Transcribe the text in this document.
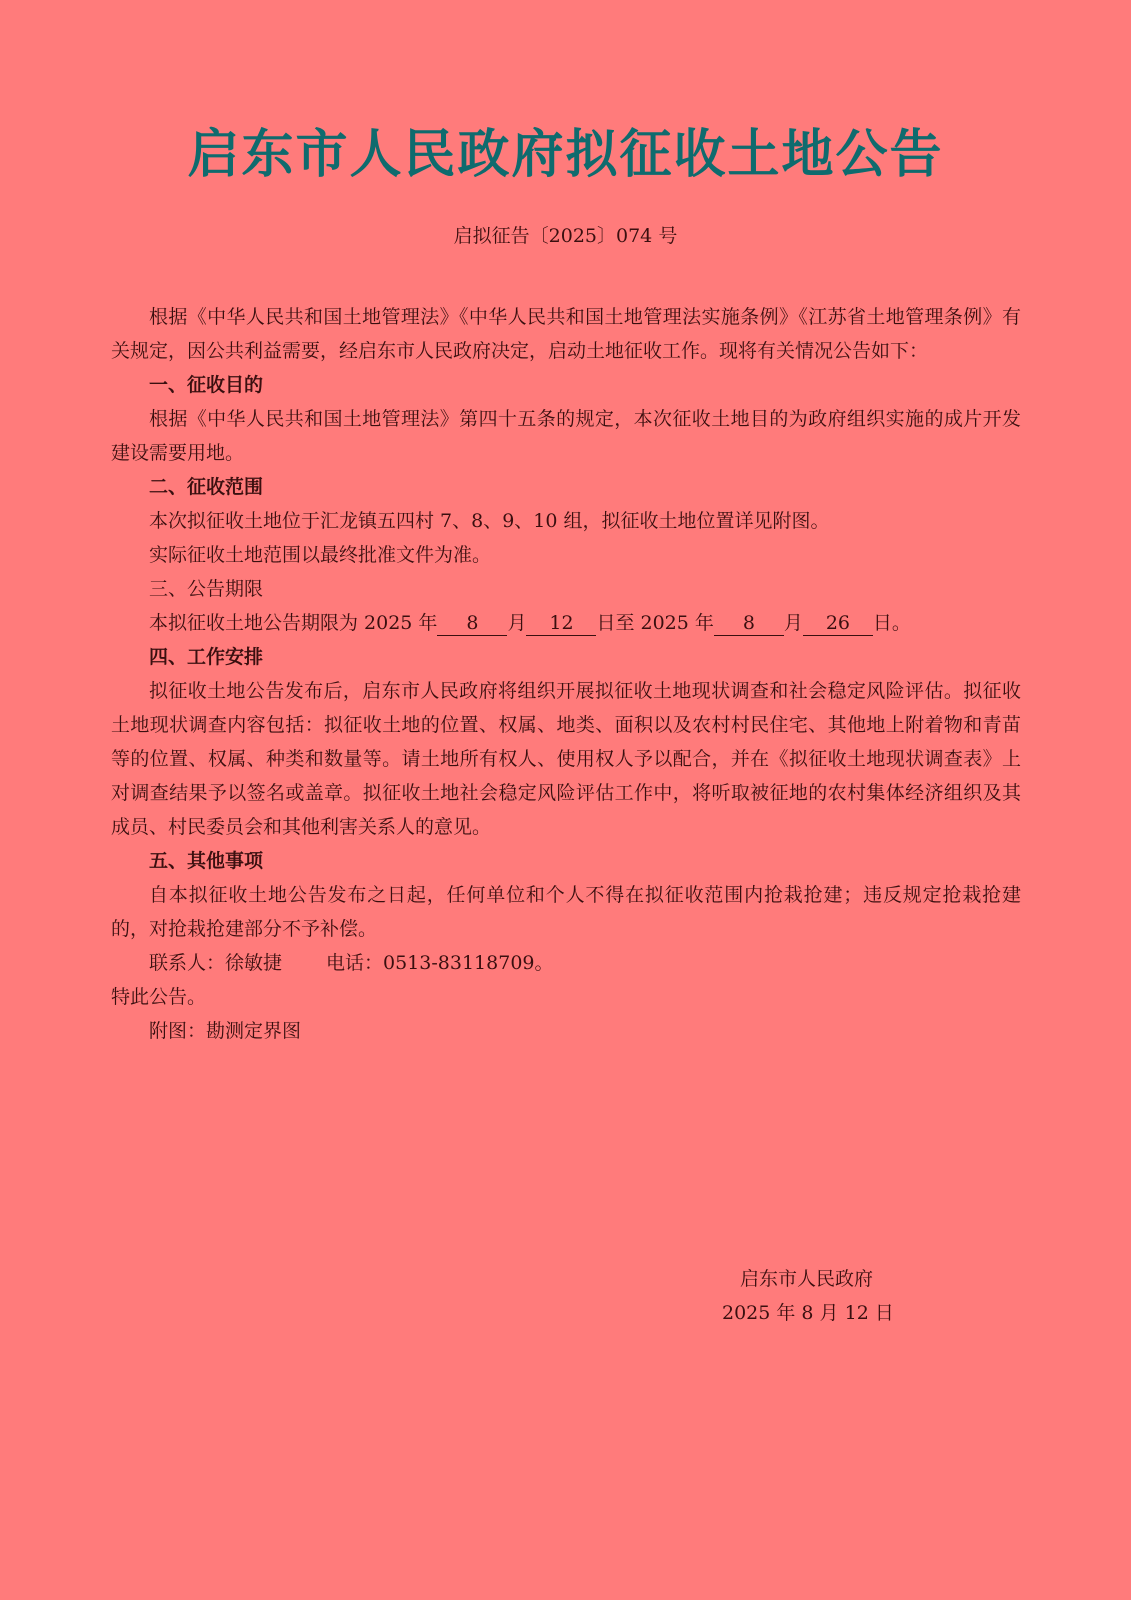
启东市人民政府拟征收土地公告
启拟征告〔2025〕074 号

根据《中华人民共和国土地管理法》《中华人民共和国土地管理法实施条例》《江苏省土地管理条例》有关规定，因公共利益需要，经启东市人民政府决定，启动土地征收工作。现将有关情况公告如下：

一、征收目的

根据《中华人民共和国土地管理法》第四十五条的规定，本次征收土地目的为政府组织实施的成片开发建设需要用地。

二、征收范围

本次拟征收土地位于汇龙镇五四村 7、8、9、10 组，拟征收土地位置详见附图。

实际征收土地范围以最终批准文件为准。

三、公告期限

本拟征收土地公告期限为 2025 年 8 月 12 日至 2025 年 8 月 26 日。

四、工作安排

拟征收土地公告发布后，启东市人民政府将组织开展拟征收土地现状调查和社会稳定风险评估。拟征收土地现状调查内容包括：拟征收土地的位置、权属、地类、面积以及农村村民住宅、其他地上附着物和青苗等的位置、权属、种类和数量等。请土地所有权人、使用权人予以配合，并在《拟征收土地现状调查表》上对调查结果予以签名或盖章。拟征收土地社会稳定风险评估工作中，将听取被征地的农村集体经济组织及其成员、村民委员会和其他利害关系人的意见。

五、其他事项

自本拟征收土地公告发布之日起，任何单位和个人不得在拟征收范围内抢栽抢建；违反规定抢栽抢建的，对抢栽抢建部分不予补偿。

联系人：徐敏捷 电话：0513-83118709。

特此公告。

附图：勘测定界图

启东市人民政府
2025 年 8 月 12 日
